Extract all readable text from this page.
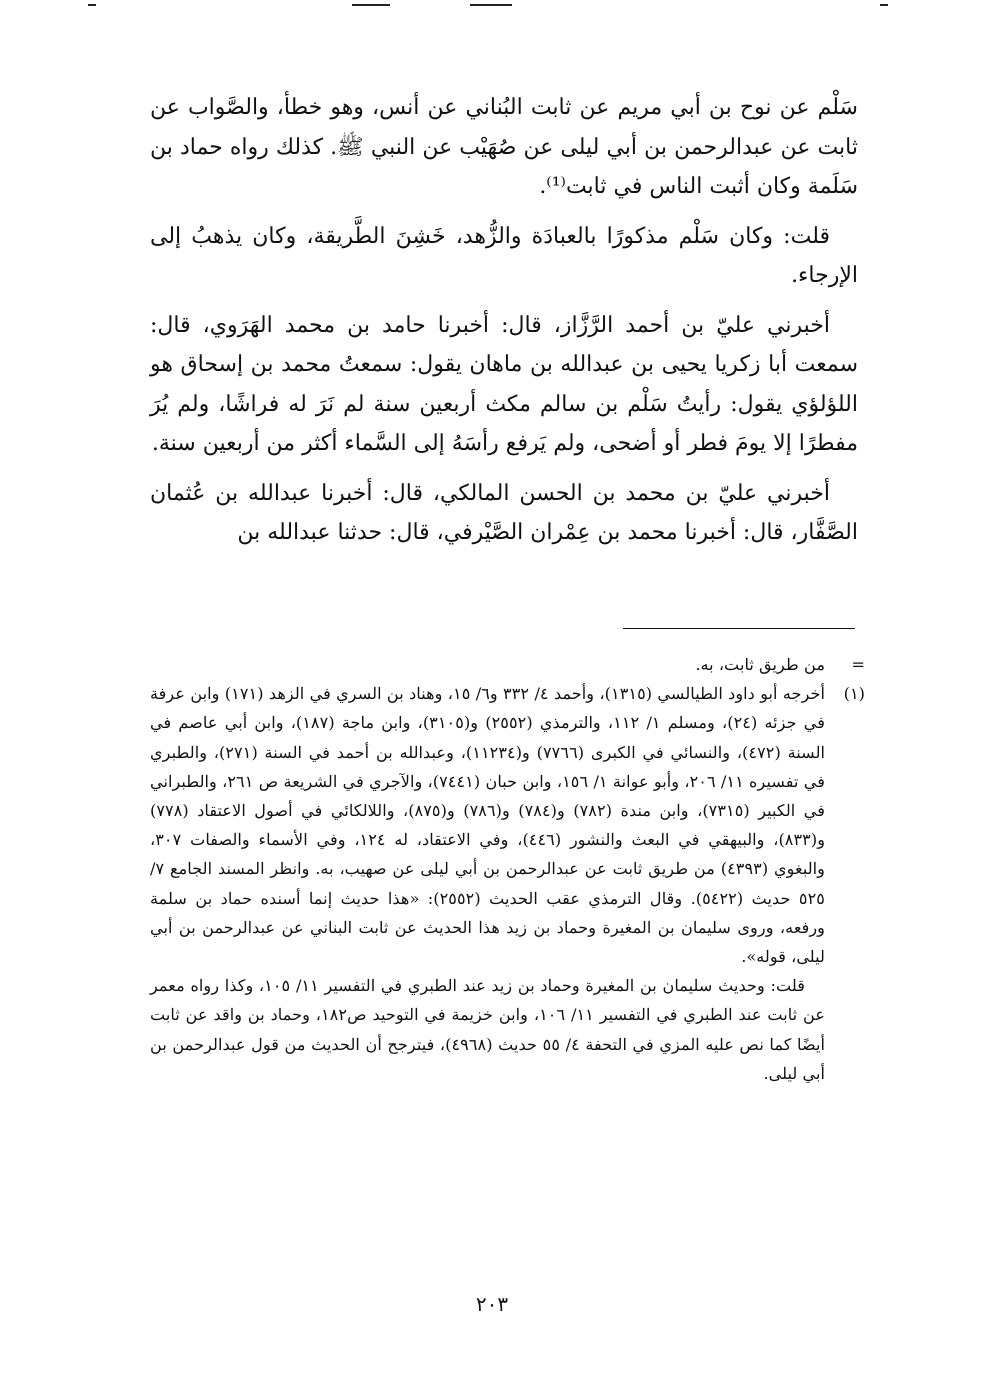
سَلْم عن نوح بن أبي مريم عن ثابت البُناني عن أنس، وهو خطأ، والصَّواب عن ثابت عن عبدالرحمن بن أبي ليلى عن صُهَيْب عن النبي ﷺ. كذلك رواه حماد بن سَلَمة وكان أثبت الناس في ثابت⁽¹⁾.

قلت: وكان سَلْم مذكورًا بالعبادَة والزُّهد، خَشِنَ الطَّريقة، وكان يذهبُ إلى الإرجاء.

أخبرني عليّ بن أحمد الرَّزَّاز، قال: أخبرنا حامد بن محمد الهَرَوي، قال: سمعت أبا زكريا يحيى بن عبدالله بن ماهان يقول: سمعتُ محمد بن إسحاق هو اللؤلؤي يقول: رأيتُ سَلْم بن سالم مكث أربعين سنة لم نَرَ له فراشًا، ولم يُرَ مفطرًا إلا يومَ فطر أو أضحى، ولم يَرفع رأسَهُ إلى السَّماء أكثر من أربعين سنة.

أخبرني عليّ بن محمد بن الحسن المالكي، قال: أخبرنا عبدالله بن عُثمان الصَّفَّار، قال: أخبرنا محمد بن عِمْران الصَّيْرفي، قال: حدثنا عبدالله بن

=
من طريق ثابت، به.
(١)
أخرجه أبو داود الطيالسي (١٣١٥)، وأحمد ٤/ ٣٣٢ و٦/ ١٥، وهناد بن السري في الزهد (١٧١) وابن عرفة في جزئه (٢٤)، ومسلم ١/ ١١٢، والترمذي (٢٥٥٢) و(٣١٠٥)، وابن ماجة (١٨٧)، وابن أبي عاصم في السنة (٤٧٢)، والنسائي في الكبرى (٧٧٦٦) و(١١٢٣٤)، وعبدالله بن أحمد في السنة (٢٧١)، والطبري في تفسيره ١١/ ٢٠٦، وأبو عوانة ١/ ١٥٦، وابن حبان (٧٤٤١)، والآجري في الشريعة ص ٢٦١، والطبراني في الكبير (٧٣١٥)، وابن مندة (٧٨٢) و(٧٨٤) و(٧٨٦) و(٨٧٥)، واللالكائي في أصول الاعتقاد (٧٧٨) و(٨٣٣)، والبيهقي في البعث والنشور (٤٤٦)، وفي الاعتقاد، له ١٢٤، وفي الأسماء والصفات ٣٠٧، والبغوي (٤٣٩٣) من طريق ثابت عن عبدالرحمن بن أبي ليلى عن صهيب، به. وانظر المسند الجامع ٧/ ٥٢٥ حديث (٥٤٢٢). وقال الترمذي عقب الحديث (٢٥٥٢): «هذا حديث إنما أسنده حماد بن سلمة ورفعه، وروى سليمان بن المغيرة وحماد بن زيد هذا الحديث عن ثابت البناني عن عبدالرحمن بن أبي ليلى، قوله».
قلت: وحديث سليمان بن المغيرة وحماد بن زيد عند الطبري في التفسير ١١/ ١٠٥، وكذا رواه معمر عن ثابت عند الطبري في التفسير ١١/ ١٠٦، وابن خزيمة في التوحيد ص١٨٢، وحماد بن واقد عن ثابت أيضًا كما نص عليه المزي في التحفة ٤/ ٥٥ حديث (٤٩٦٨)، فيترجح أن الحديث من قول عبدالرحمن بن أبي ليلى.
٢٠٣
